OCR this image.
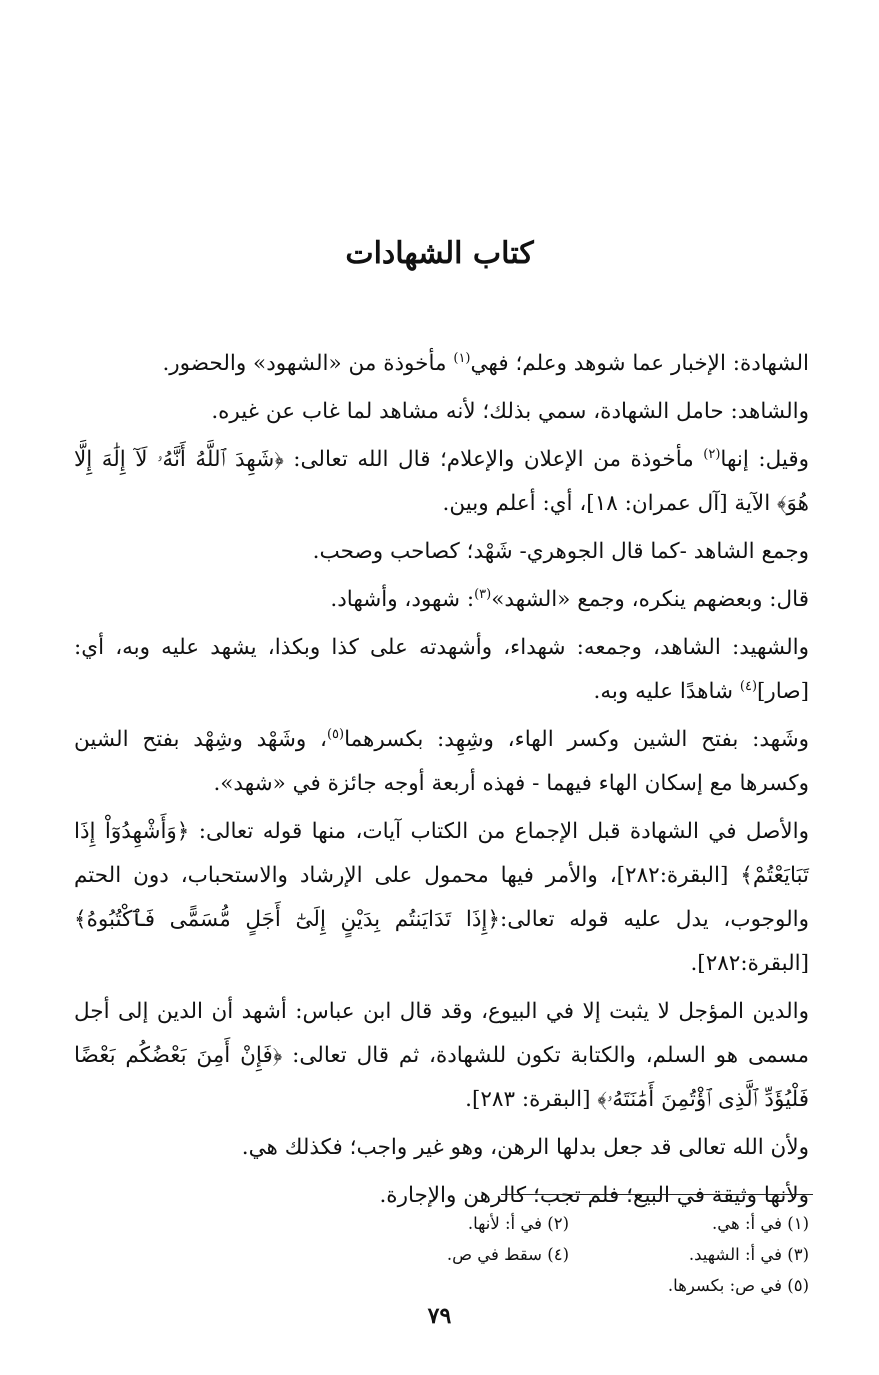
كتاب الشهادات

الشهادة: الإخبار عما شوهد وعلم؛ فهي$^{(١)}$ مأخوذة من «الشهود» والحضور.

والشاهد: حامل الشهادة، سمي بذلك؛ لأنه مشاهد لما غاب عن غيره.

وقيل: إنها$^{(٢)}$ مأخوذة من الإعلان والإعلام؛ قال الله تعالى: ﴿شَهِدَ ٱللَّهُ أَنَّهُۥ لَآ إِلَٰهَ إِلَّا هُوَ﴾ الآية [آل عمران: ١٨]، أي: أعلم وبين.

وجمع الشاهد -كما قال الجوهري- شَهْد؛ كصاحب وصحب.

قال: وبعضهم ينكره، وجمع «الشهد»$^{(٣)}$: شهود، وأشهاد.

والشهيد: الشاهد، وجمعه: شهداء، وأشهدته على كذا وبكذا، يشهد عليه وبه، أي: [صار]$^{(٤)}$ شاهدًا عليه وبه.

وشَهد: بفتح الشين وكسر الهاء، وشِهِد: بكسرهما$^{(٥)}$، وشَهْد وشِهْد بفتح الشين وكسرها مع إسكان الهاء فيهما - فهذه أربعة أوجه جائزة في «شهد».

والأصل في الشهادة قبل الإجماع من الكتاب آيات، منها قوله تعالى: ﴿وَأَشْهِدُوٓاْ إِذَا تَبَايَعْتُمْ﴾ [البقرة:٢٨٢]، والأمر فيها محمول على الإرشاد والاستحباب، دون الحتم والوجوب، يدل عليه قوله تعالى:﴿إِذَا تَدَايَنتُم بِدَيْنٍ إِلَىٰٓ أَجَلٍ مُّسَمًّى فَٱكْتُبُوهُ﴾ [البقرة:٢٨٢].

والدين المؤجل لا يثبت إلا في البيوع، وقد قال ابن عباس: أشهد أن الدين إلى أجل مسمى هو السلم، والكتابة تكون للشهادة، ثم قال تعالى: ﴿فَإِنْ أَمِنَ بَعْضُكُم بَعْضًا فَلْيُؤَدِّ ٱلَّذِى ٱؤْتُمِنَ أَمَٰنَتَهُۥ﴾ [البقرة: ٢٨٣].

ولأن الله تعالى قد جعل بدلها الرهن، وهو غير واجب؛ فكذلك هي.

ولأنها وثيقة في البيع؛ فلم تجب؛ كالرهن والإجارة.

(١) في أ: هي.
(٢) في أ: لأنها.
(٣) في أ: الشهيد.
(٤) سقط في ص.
(٥) في ص: بكسرها.
٧٩
